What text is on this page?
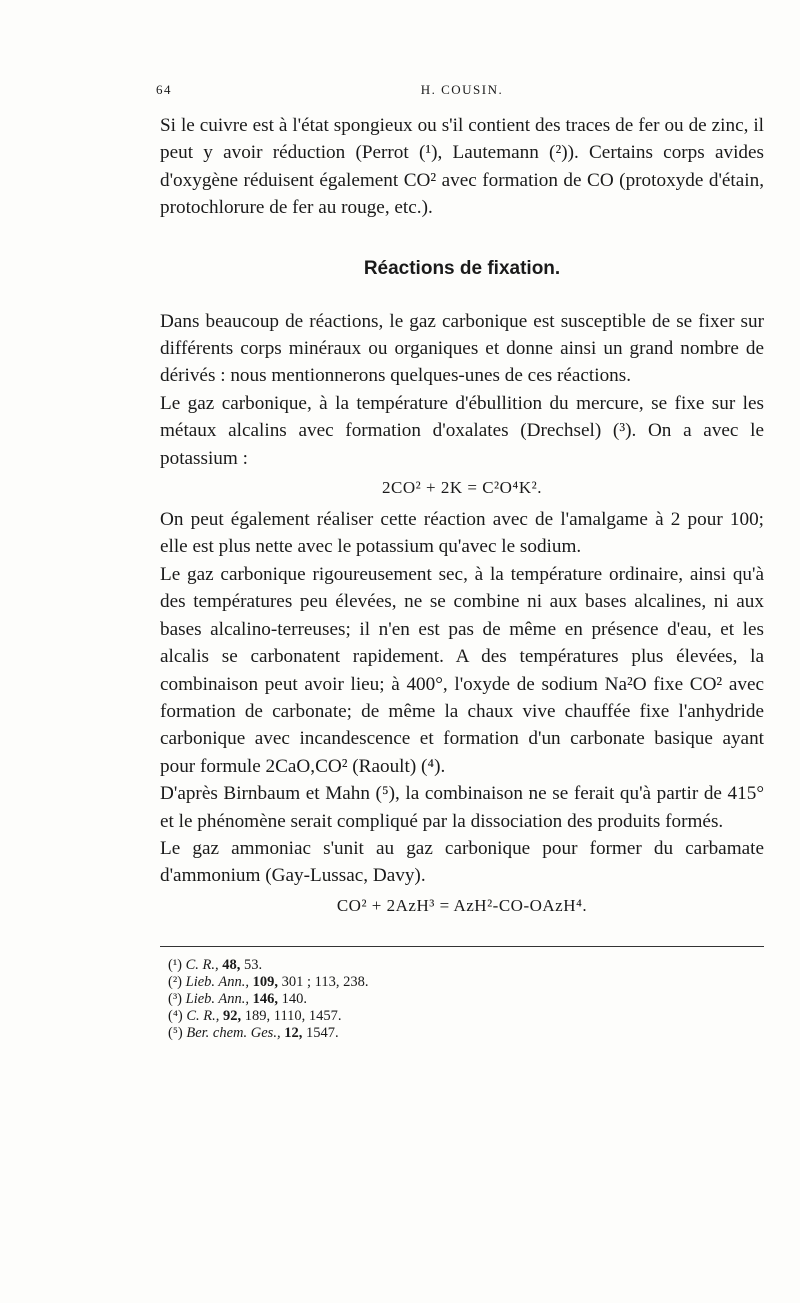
64	H. COUSIN.

Si le cuivre est à l'état spongieux ou s'il contient des traces de fer ou de zinc, il peut y avoir réduction (Perrot (¹), Lautemann (²)). Certains corps avides d'oxygène réduisent également CO² avec formation de CO (protoxyde d'étain, protochlorure de fer au rouge, etc.).

Réactions de fixation.

Dans beaucoup de réactions, le gaz carbonique est susceptible de se fixer sur différents corps minéraux ou organiques et donne ainsi un grand nombre de dérivés : nous mentionnerons quelques-unes de ces réactions.

Le gaz carbonique, à la température d'ébullition du mercure, se fixe sur les métaux alcalins avec formation d'oxalates (Drechsel) (³). On a avec le potassium :

2CO² + 2K = C²O⁴K².

On peut également réaliser cette réaction avec de l'amalgame à 2 pour 100; elle est plus nette avec le potassium qu'avec le sodium.

Le gaz carbonique rigoureusement sec, à la température ordinaire, ainsi qu'à des températures peu élevées, ne se combine ni aux bases alcalines, ni aux bases alcalino-terreuses; il n'en est pas de même en présence d'eau, et les alcalis se carbonatent rapidement. A des températures plus élevées, la combinaison peut avoir lieu; à 400°, l'oxyde de sodium Na²O fixe CO² avec formation de carbonate; de même la chaux vive chauffée fixe l'anhydride carbonique avec incandescence et formation d'un carbonate basique ayant pour formule 2CaO,CO² (Raoult) (⁴).

D'après Birnbaum et Mahn (⁵), la combinaison ne se ferait qu'à partir de 415° et le phénomène serait compliqué par la dissociation des produits formés.

Le gaz ammoniac s'unit au gaz carbonique pour former du carbamate d'ammonium (Gay-Lussac, Davy).

CO² + 2AzH³ = AzH²-CO-OAzH⁴.
(¹) C. R., 48, 53.
(²) Lieb. Ann., 109, 301 ; 113, 238.
(³) Lieb. Ann., 146, 140.
(⁴) C. R., 92, 189, 1110, 1457.
(⁵) Ber. chem. Ges., 12, 1547.
